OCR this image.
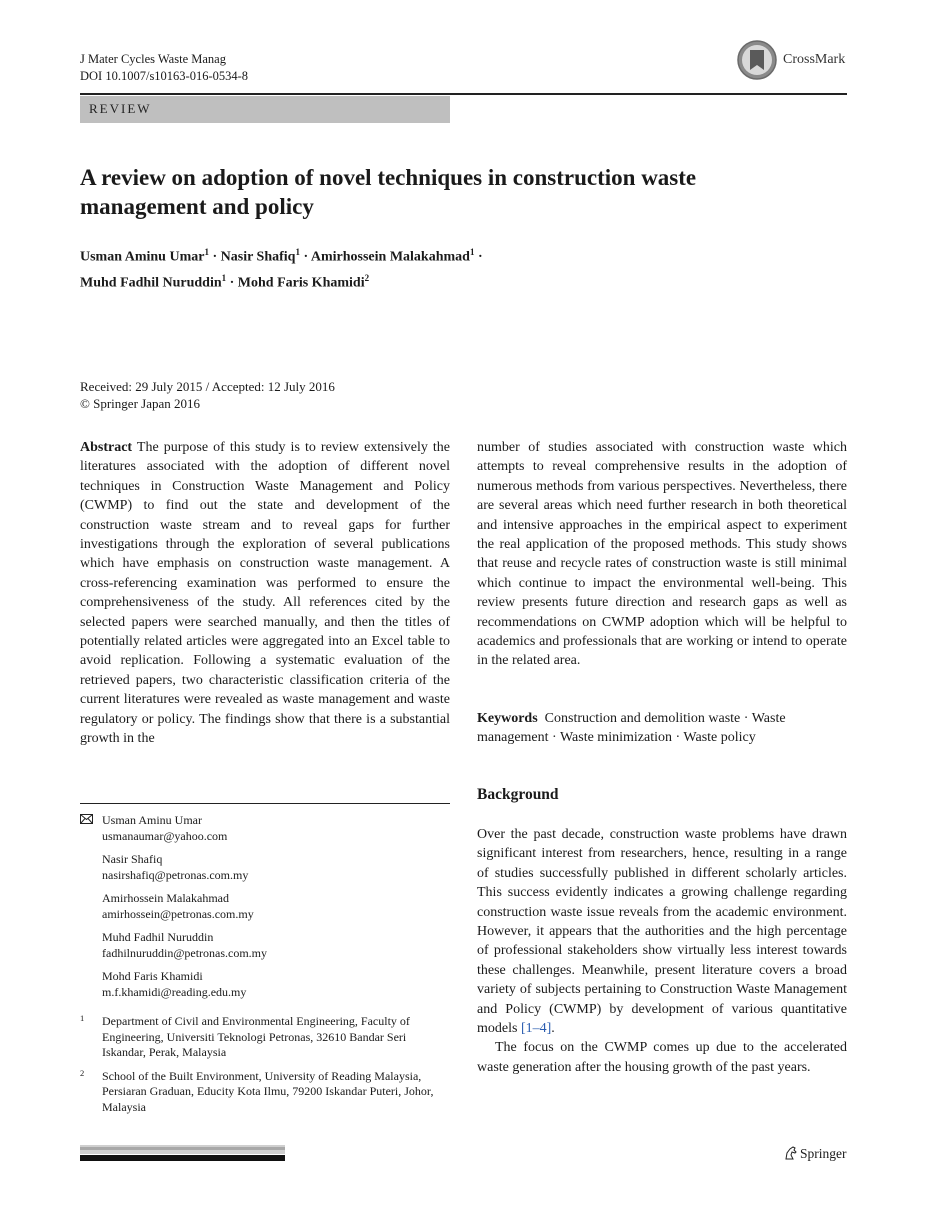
J Mater Cycles Waste Manag
DOI 10.1007/s10163-016-0534-8
CrossMark
REVIEW
A review on adoption of novel techniques in construction waste
management and policy
Usman Aminu Umar$^1$ · Nasir Shafiq$^1$ · Amirhossein Malakahmad$^1$ ·
Muhd Fadhil Nuruddin$^1$ · Mohd Faris Khamidi$^2$
Received: 29 July 2015 / Accepted: 12 July 2016
© Springer Japan 2016
Abstract The purpose of this study is to review extensively the literatures associated with the adoption of different novel techniques in Construction Waste Management and Policy (CWMP) to find out the state and development of the construction waste stream and to reveal gaps for further investigations through the exploration of several publications which have emphasis on construction waste management. A cross-referencing examination was performed to ensure the comprehensiveness of the study. All references cited by the selected papers were searched manually, and then the titles of potentially related articles were aggregated into an Excel table to avoid replication. Following a systematic evaluation of the retrieved papers, two characteristic classification criteria of the current literatures were revealed as waste management and waste regulatory or policy. The findings show that there is a substantial growth in the
number of studies associated with construction waste which attempts to reveal comprehensive results in the adoption of numerous methods from various perspectives. Nevertheless, there are several areas which need further research in both theoretical and intensive approaches in the empirical aspect to experiment the real application of the proposed methods. This study shows that reuse and recycle rates of construction waste is still minimal which continue to impact the environmental well-being. This review presents future direction and research gaps as well as recommendations on CWMP adoption which will be helpful to academics and professionals that are working or intend to operate in the related area.
Keywords Construction and demolition waste · Waste management · Waste minimization · Waste policy
Background

Over the past decade, construction waste problems have drawn significant interest from researchers, hence, resulting in a range of studies successfully published in different scholarly articles. This success evidently indicates a growing challenge regarding construction waste issue reveals from the academic environment. However, it appears that the authorities and the high percentage of professional stakeholders show virtually less interest towards these challenges. Meanwhile, present literature covers a broad variety of subjects pertaining to Construction Waste Management and Policy (CWMP) by development of various quantitative models [1–4].

The focus on the CWMP comes up due to the accelerated waste generation after the housing growth of the past years.

Usman Aminu Umar
usmanaumar@yahoo.com
Nasir Shafiq
nasirshafiq@petronas.com.my
Amirhossein Malakahmad
amirhossein@petronas.com.my
Muhd Fadhil Nuruddin
fadhilnuruddin@petronas.com.my
Mohd Faris Khamidi
m.f.khamidi@reading.edu.my
1 Department of Civil and Environmental Engineering, Faculty of Engineering, Universiti Teknologi Petronas, 32610 Bandar Seri Iskandar, Perak, Malaysia
2 School of the Built Environment, University of Reading Malaysia, Persiaran Graduan, Educity Kota Ilmu, 79200 Iskandar Puteri, Johor, Malaysia
Springer
